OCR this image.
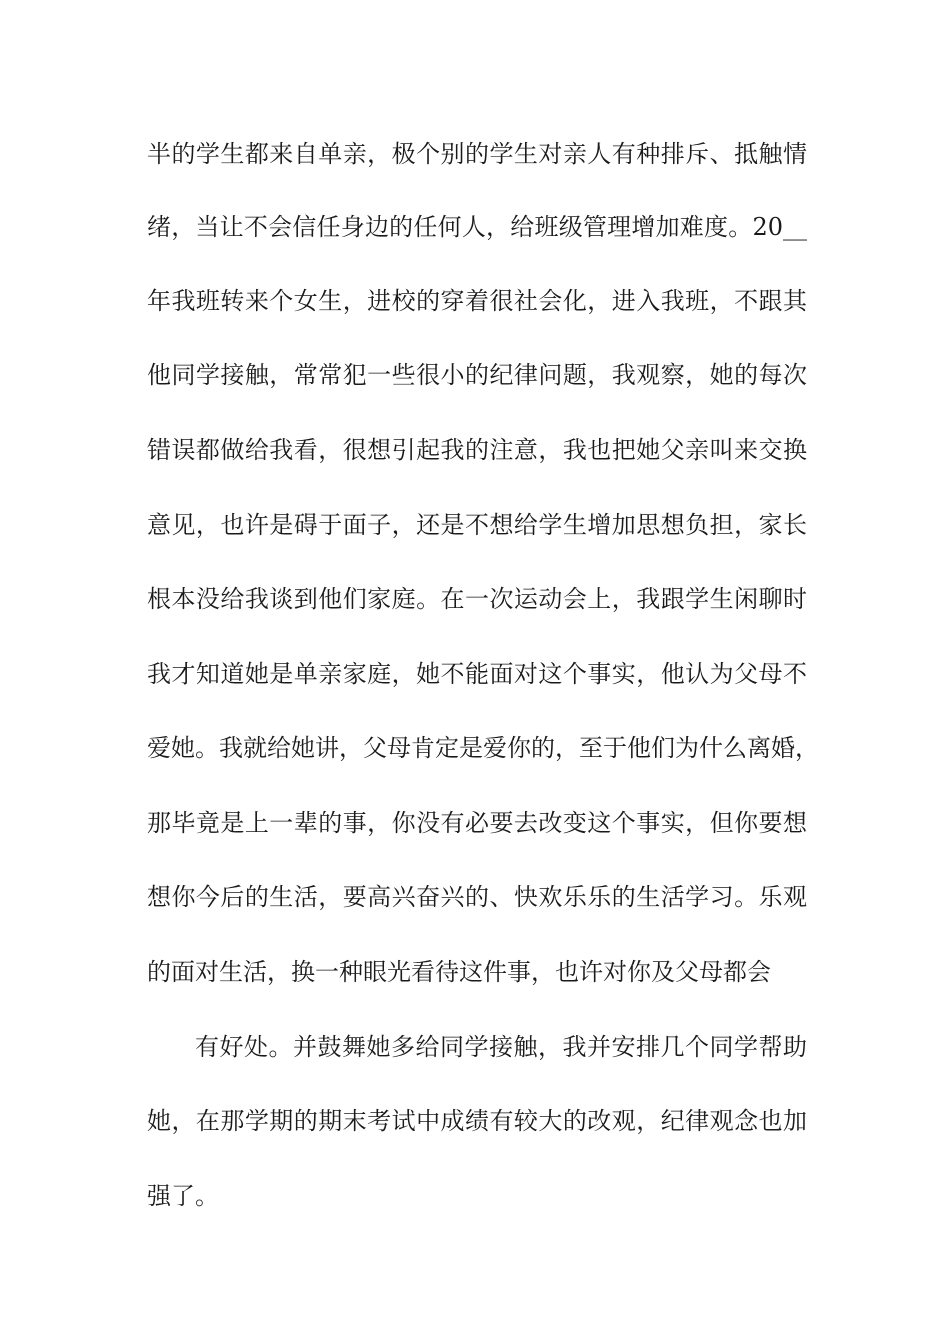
半的学生都来自单亲，极个别的学生对亲人有种排斥、抵触情
绪，当让不会信任身边的任何人，给班级管理增加难度。20__
年我班转来个女生，进校的穿着很社会化，进入我班，不跟其
他同学接触，常常犯一些很小的纪律问题，我观察，她的每次
错误都做给我看，很想引起我的注意，我也把她父亲叫来交换
意见，也许是碍于面子，还是不想给学生增加思想负担，家长
根本没给我谈到他们家庭。在一次运动会上，我跟学生闲聊时
我才知道她是单亲家庭，她不能面对这个事实，他认为父母不
爱她。我就给她讲，父母肯定是爱你的，至于他们为什么离婚，
那毕竟是上一辈的事，你没有必要去改变这个事实，但你要想
想你今后的生活，要高兴奋兴的、快欢乐乐的生活学习。乐观
的面对生活，换一种眼光看待这件事，也许对你及父母都会
有好处。并鼓舞她多给同学接触，我并安排几个同学帮助
她，在那学期的期末考试中成绩有较大的改观，纪律观念也加
强了。
